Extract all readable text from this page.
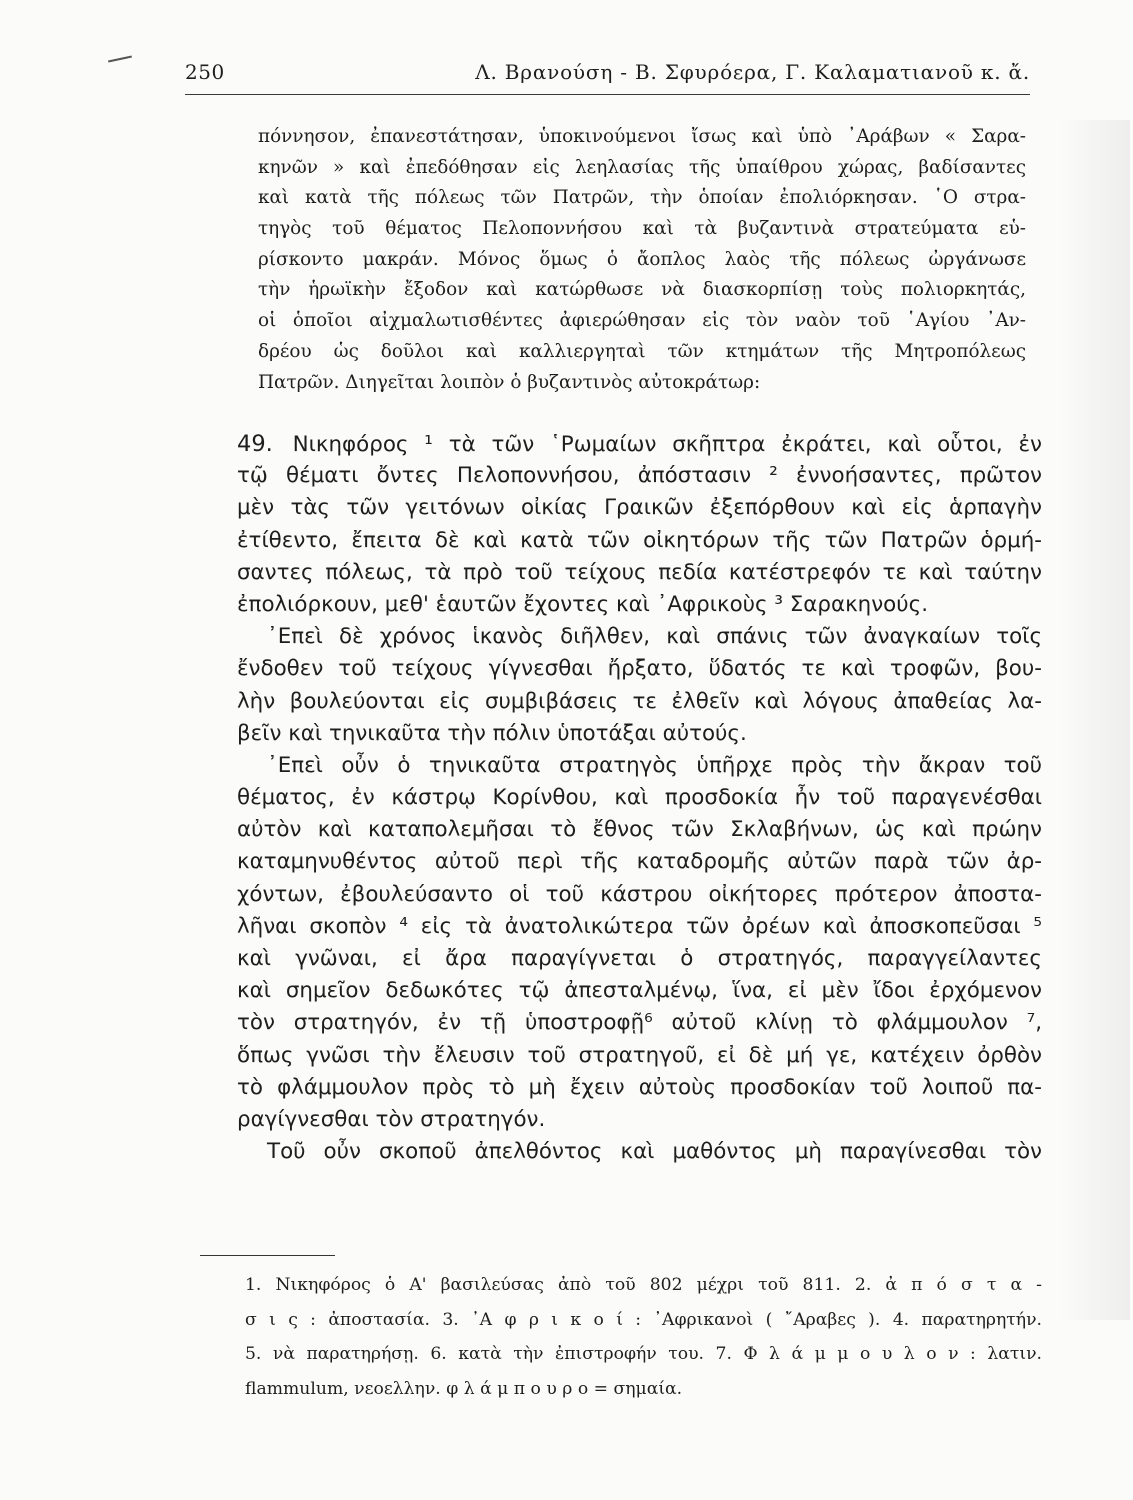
250	Λ. Βρανούση - Β. Σφυρόερα, Γ. Καλαματιανοῦ κ. ἄ.
πόννησον, ἐπανεστάτησαν, ὑποκινούμενοι ἴσως καὶ ὑπὸ ᾿Αράβων « Σαρα-
κηνῶν » καὶ ἐπεδόθησαν εἰς λεηλασίας τῆς ὑπαίθρου χώρας, βαδίσαντες
καὶ κατὰ τῆς πόλεως τῶν Πατρῶν, τὴν ὁποίαν ἐπολιόρκησαν. ῾Ο στρα-
τηγὸς τοῦ θέματος Πελοποννήσου καὶ τὰ βυζαντινὰ στρατεύματα εὑ-
ρίσκοντο μακράν. Μόνος ὅμως ὁ ἄοπλος λαὸς τῆς πόλεως ὠργάνωσε
τὴν ἡρωϊκὴν ἔξοδον καὶ κατώρθωσε νὰ διασκορπίσῃ τοὺς πολιορκητάς,
οἱ ὁποῖοι αἰχμαλωτισθέντες ἀφιερώθησαν εἰς τὸν ναὸν τοῦ ῾Αγίου ᾿Αν-
δρέου ὡς δοῦλοι καὶ καλλιεργηταὶ τῶν κτημάτων τῆς Μητροπόλεως
Πατρῶν. Διηγεῖται λοιπὸν ὁ βυζαντινὸς αὐτοκράτωρ:
49. Νικηφόρος ¹ τὰ τῶν ῾Ρωμαίων σκῆπτρα ἐκράτει, καὶ οὗτοι, ἐν
τῷ θέματι ὄντες Πελοποννήσου, ἀπόστασιν ² ἐννοήσαντες, πρῶτον
μὲν τὰς τῶν γειτόνων οἰκίας Γραικῶν ἐξεπόρθουν καὶ εἰς ἁρπαγὴν
ἐτίθεντο, ἔπειτα δὲ καὶ κατὰ τῶν οἰκητόρων τῆς τῶν Πατρῶν ὁρμή-
σαντες πόλεως, τὰ πρὸ τοῦ τείχους πεδία κατέστρεφόν τε καὶ ταύτην
ἐπολιόρκουν, μεθ' ἑαυτῶν ἔχοντες καὶ ᾿Αφρικοὺς ³ Σαρακηνούς.
᾿Επεὶ δὲ χρόνος ἱκανὸς διῆλθεν, καὶ σπάνις τῶν ἀναγκαίων τοῖς
ἔνδοθεν τοῦ τείχους γίγνεσθαι ἤρξατο, ὕδατός τε καὶ τροφῶν, βου-
λὴν βουλεύονται εἰς συμβιβάσεις τε ἐλθεῖν καὶ λόγους ἀπαθείας λα-
βεῖν καὶ τηνικαῦτα τὴν πόλιν ὑποτάξαι αὐτούς.
᾿Επεὶ οὖν ὁ τηνικαῦτα στρατηγὸς ὑπῆρχε πρὸς τὴν ἄκραν τοῦ
θέματος, ἐν κάστρῳ Κορίνθου, καὶ προσδοκία ἦν τοῦ παραγενέσθαι
αὐτὸν καὶ καταπολεμῆσαι τὸ ἔθνος τῶν Σκλαβήνων, ὡς καὶ πρώην
καταμηνυθέντος αὐτοῦ περὶ τῆς καταδρομῆς αὐτῶν παρὰ τῶν ἀρ-
χόντων, ἐβουλεύσαντο οἱ τοῦ κάστρου οἰκήτορες πρότερον ἀποστα-
λῆναι σκοπὸν ⁴ εἰς τὰ ἀνατολικώτερα τῶν ὀρέων καὶ ἀποσκοπεῦσαι ⁵
καὶ γνῶναι, εἰ ἄρα παραγίγνεται ὁ στρατηγός, παραγγείλαντες
καὶ σημεῖον δεδωκότες τῷ ἀπεσταλμένῳ, ἵνα, εἰ μὲν ἴδοι ἐρχόμενον
τὸν στρατηγόν, ἐν τῇ ὑποστροφῇ⁶ αὐτοῦ κλίνῃ τὸ φλάμμουλον ⁷,
ὅπως γνῶσι τὴν ἔλευσιν τοῦ στρατηγοῦ, εἰ δὲ μή γε, κατέχειν ὀρθὸν
τὸ φλάμμουλον πρὸς τὸ μὴ ἔχειν αὐτοὺς προσδοκίαν τοῦ λοιποῦ πα-
ραγίγνεσθαι τὸν στρατηγόν.
Τοῦ οὖν σκοποῦ ἀπελθόντος καὶ μαθόντος μὴ παραγίνεσθαι τὸν
1. Νικηφόρος ὁ Α' βασιλεύσας ἀπὸ τοῦ 802 μέχρι τοῦ 811. 2. ἀ π ό σ τ α -
σ ι ς : ἀποστασία. 3. ᾿Α φ ρ ι κ ο ί : ᾿Αφρικανοὶ ( ῎Αραβες ). 4. παρατηρητήν.
5. νὰ παρατηρήσῃ. 6. κατὰ τὴν ἐπιστροφήν του. 7. Φ λ ά μ μ ο υ λ ο ν : λατιν.
flammulum, νεοελλην. φ λ ά μ π ο υ ρ ο = σημαία.
